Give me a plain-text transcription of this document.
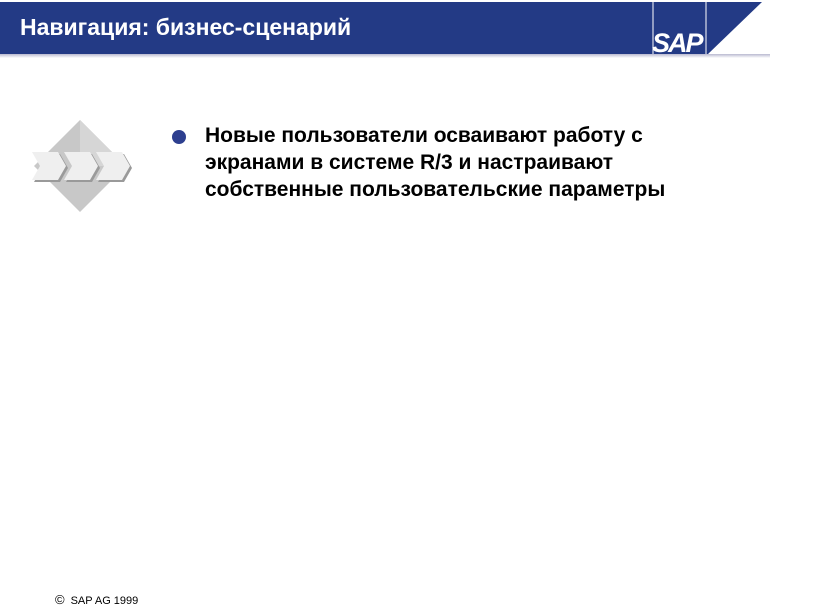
Навигация: бизнес-сценарий
SAP
Новые пользователи осваивают работу с экранами в системе R/3 и настраивают собственные пользовательские параметры
© SAP AG 1999
